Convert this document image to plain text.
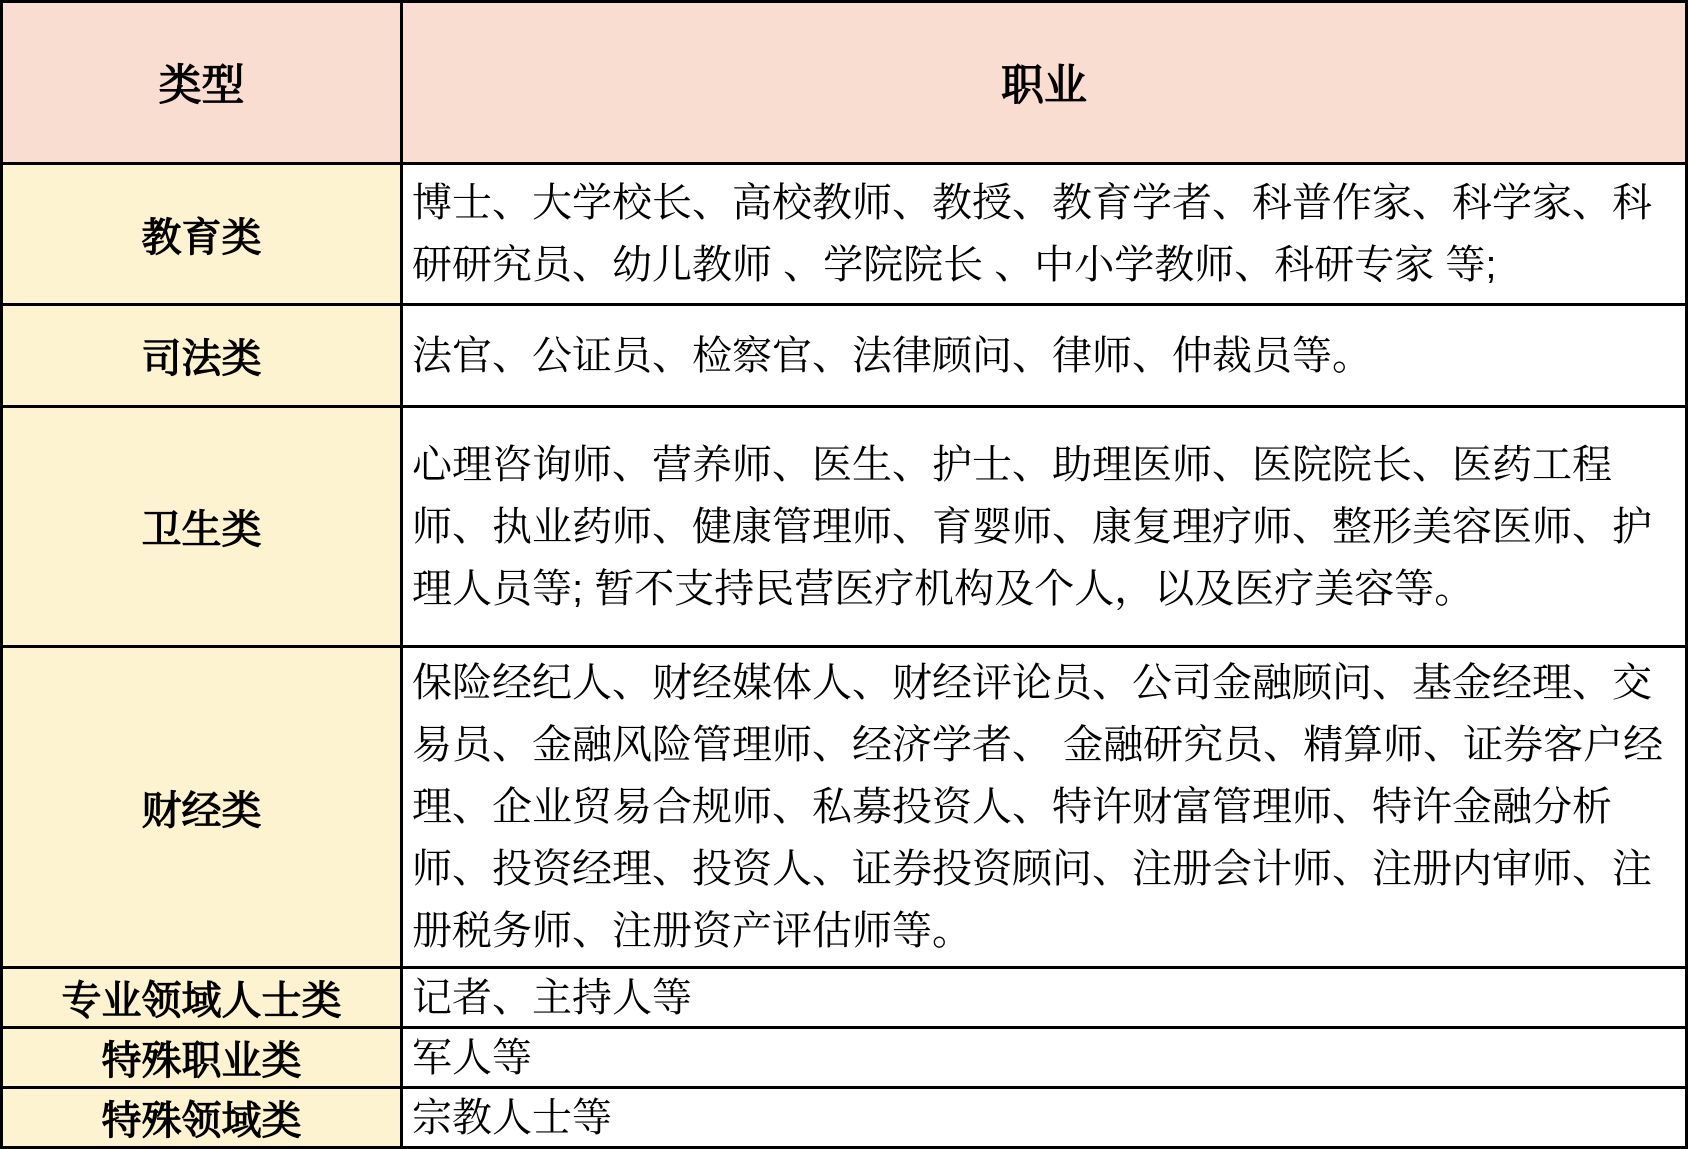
类型	职业
教育类	博士、大学校长、高校教师、教授、教育学者、科普作家、科学家、科研研究员、幼儿教师 、学院院长 、中小学教师、科研专家 等;
司法类	法官、公证员、检察官、法律顾问、律师、仲裁员等。
卫生类	心理咨询师、营养师、医生、护士、助理医师、医院院长、医药工程师、执业药师、健康管理师、育婴师、康复理疗师、整形美容医师、护理人员等; 暂不支持民营医疗机构及个人，以及医疗美容等。
财经类	保险经纪人、财经媒体人、财经评论员、公司金融顾问、基金经理、交易员、金融风险管理师、经济学者、 金融研究员、精算师、证券客户经理、企业贸易合规师、私募投资人、特许财富管理师、特许金融分析师、投资经理、投资人、证券投资顾问、注册会计师、注册内审师、注册税务师、注册资产评估师等。
专业领域人士类	记者、主持人等
特殊职业类	军人等
特殊领域类	宗教人士等
